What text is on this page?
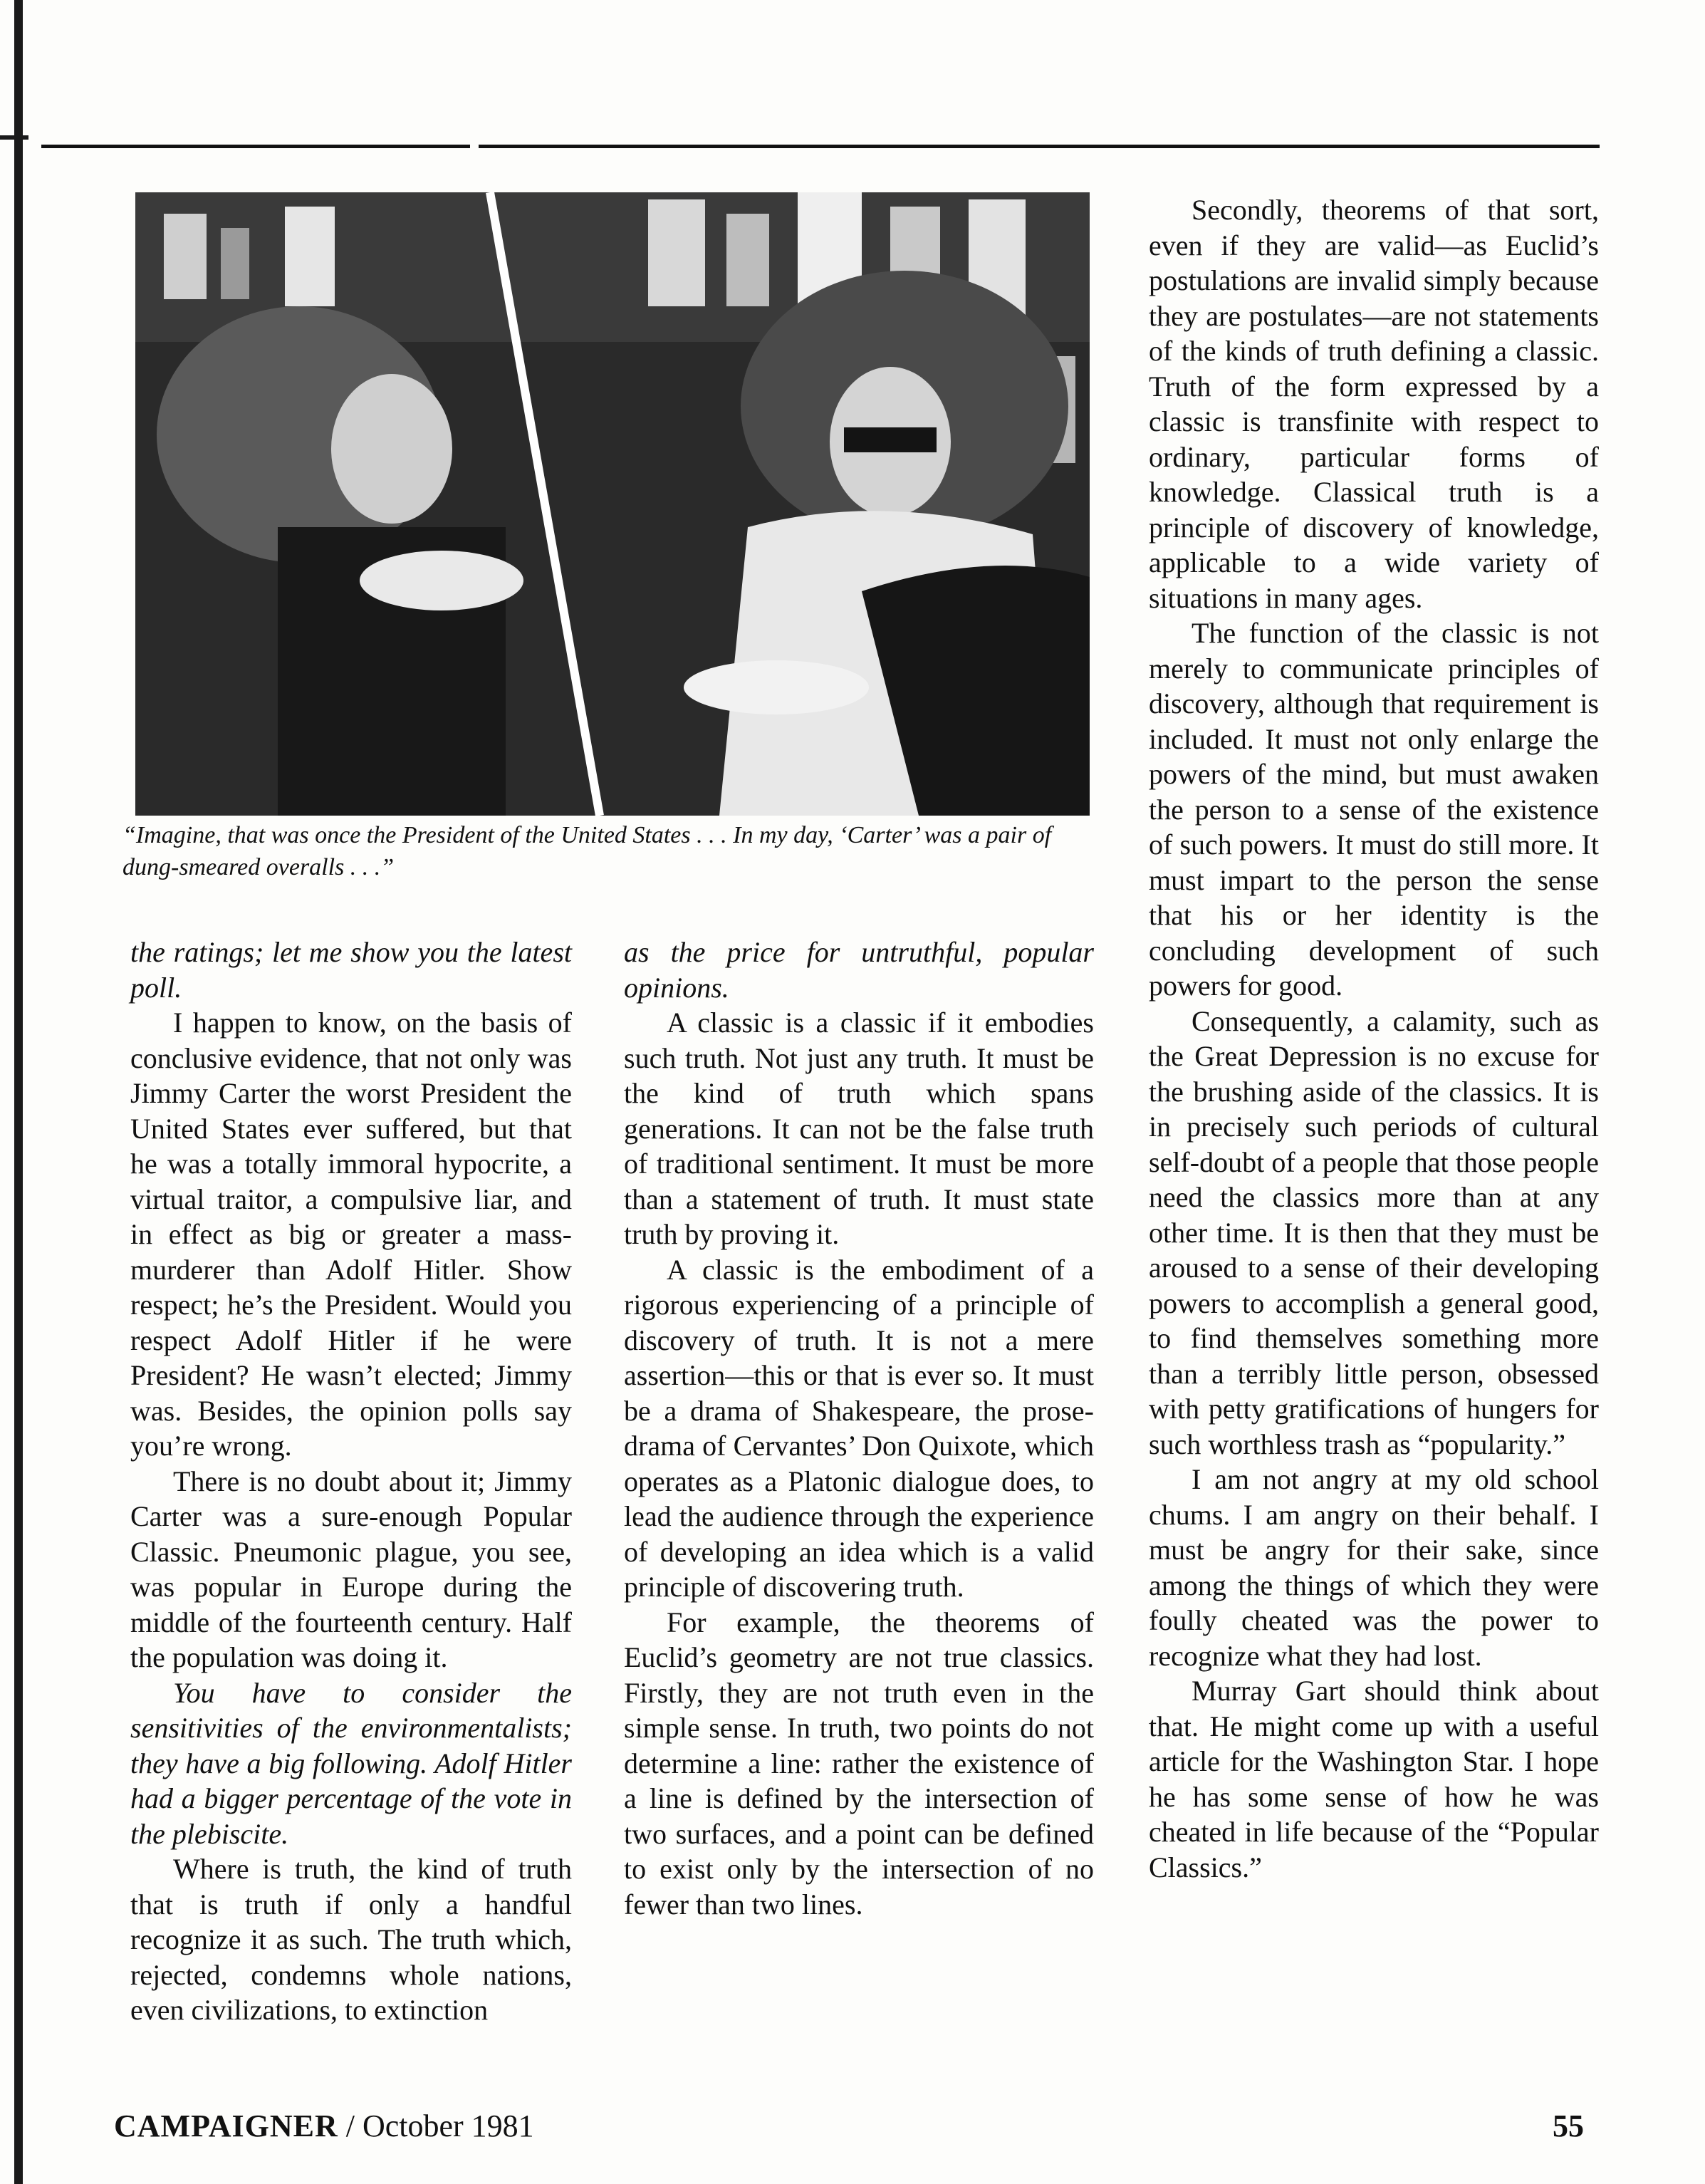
“Imagine, that was once the President of the United States . . . In my day, ‘Carter’ was a pair of dung-smeared overalls . . .”

the ratings; let me show you the latest poll.

I happen to know, on the basis of conclusive evidence, that not only was Jimmy Carter the worst President the United States ever suffered, but that he was a totally immoral hypocrite, a virtual traitor, a compulsive liar, and in effect as big or greater a mass-murderer than Adolf Hitler. Show respect; he’s the President. Would you respect Adolf Hitler if he were President? He wasn’t elected; Jimmy was. Besides, the opinion polls say you’re wrong.

There is no doubt about it; Jimmy Carter was a sure-enough Popular Classic. Pneumonic plague, you see, was popular in Europe during the middle of the fourteenth century. Half the population was doing it.

You have to consider the sensitivities of the environmentalists; they have a big following. Adolf Hitler had a bigger percentage of the vote in the plebiscite.

Where is truth, the kind of truth that is truth if only a handful recognize it as such. The truth which, rejected, condemns whole nations, even civilizations, to extinction

as the price for untruthful, popular opinions.

A classic is a classic if it embodies such truth. Not just any truth. It must be the kind of truth which spans generations. It can not be the false truth of traditional sentiment. It must be more than a statement of truth. It must state truth by proving it.

A classic is the embodiment of a rigorous experiencing of a principle of discovery of truth. It is not a mere assertion—this or that is ever so. It must be a drama of Shakespeare, the prose-drama of Cervantes’ Don Quixote, which operates as a Platonic dialogue does, to lead the audience through the experience of developing an idea which is a valid principle of discovering truth.

For example, the theorems of Euclid’s geometry are not true classics. Firstly, they are not truth even in the simple sense. In truth, two points do not determine a line: rather the existence of a line is defined by the intersection of two surfaces, and a point can be defined to exist only by the intersection of no fewer than two lines.

Secondly, theorems of that sort, even if they are valid—as Euclid’s postulations are invalid simply because they are postulates—are not statements of the kinds of truth defining a classic. Truth of the form expressed by a classic is transfinite with respect to ordinary, particular forms of knowledge. Classical truth is a principle of discovery of knowledge, applicable to a wide variety of situations in many ages.

The function of the classic is not merely to communicate principles of discovery, although that requirement is included. It must not only enlarge the powers of the mind, but must awaken the person to a sense of the existence of such powers. It must do still more. It must impart to the person the sense that his or her identity is the concluding development of such powers for good.

Consequently, a calamity, such as the Great Depression is no excuse for the brushing aside of the classics. It is in precisely such periods of cultural self-doubt of a people that those people need the classics more than at any other time. It is then that they must be aroused to a sense of their developing powers to accomplish a general good, to find themselves something more than a terribly little person, obsessed with petty gratifications of hungers for such worthless trash as “popularity.”

I am not angry at my old school chums. I am angry on their behalf. I must be angry for their sake, since among the things of which they were foully cheated was the power to recognize what they had lost.

Murray Gart should think about that. He might come up with a useful article for the Washington Star. I hope he has some sense of how he was cheated in life because of the “Popular Classics.”

CAMPAIGNER / October 1981	55
